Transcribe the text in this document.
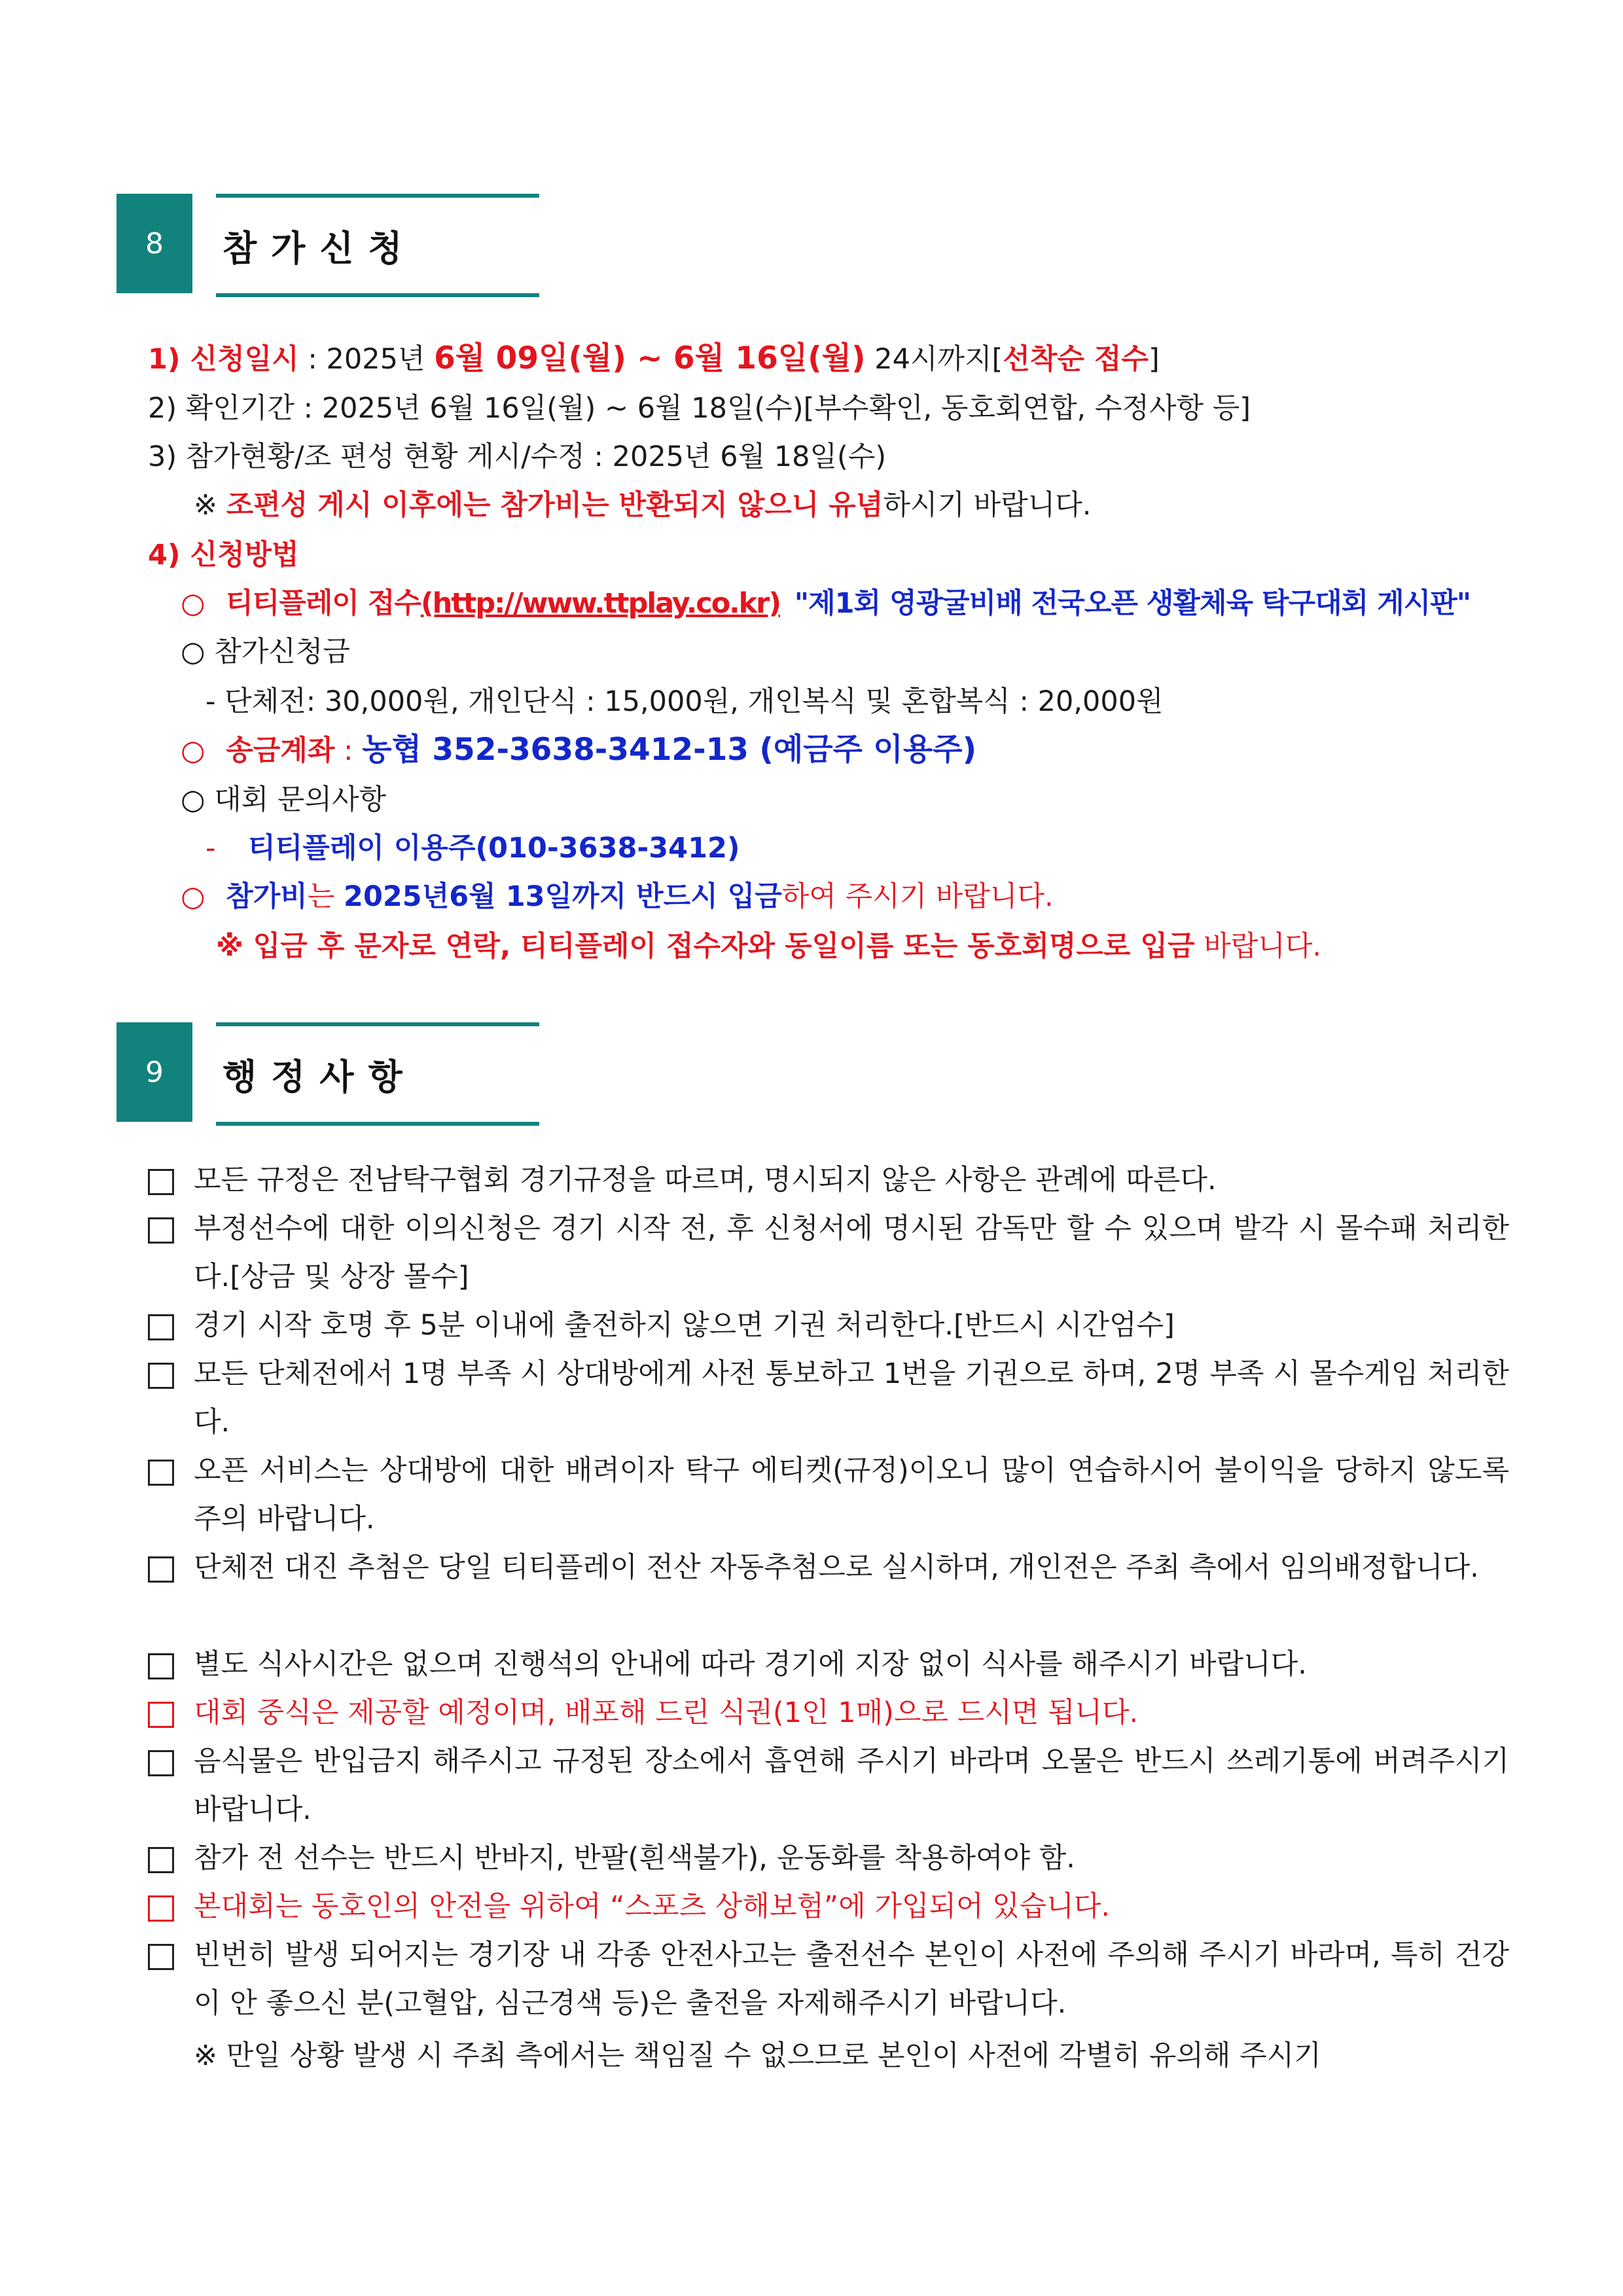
8	참가신청
1) 신청일시 : 2025년 6월 09일(월) ~ 6월 16일(월) 24시까지[선착순 접수]
2) 확인기간 : 2025년 6월 16일(월) ~ 6월 18일(수)[부수확인, 동호회연합, 수정사항 등]
3) 참가현황/조 편성 현황 게시/수정 : 2025년 6월 18일(수)
※ 조편성 게시 이후에는 참가비는 반환되지 않으니 유념하시기 바랍니다.
4) 신청방법
○ 티티플레이 접수(http://www.ttplay.co.kr) "제1회 영광굴비배 전국오픈 생활체육 탁구대회 게시판"
○ 참가신청금
- 단체전: 30,000원, 개인단식 : 15,000원, 개인복식 및 혼합복식 : 20,000원
○ 송금계좌 : 농협 352-3638-3412-13 (예금주 이용주)
○ 대회 문의사항
- 티티플레이 이용주(010-3638-3412)
○ 참가비는 2025년6월 13일까지 반드시 입금하여 주시기 바랍니다.
※ 입금 후 문자로 연락, 티티플레이 접수자와 동일이름 또는 동호회명으로 입금 바랍니다.
9	행정사항
모든 규정은 전남탁구협회 경기규정을 따르며, 명시되지 않은 사항은 관례에 따른다.
부정선수에 대한 이의신청은 경기 시작 전, 후 신청서에 명시된 감독만 할 수 있으며 발각 시 몰수패 처리한다.[상금 및 상장 몰수]
경기 시작 호명 후 5분 이내에 출전하지 않으면 기권 처리한다.[반드시 시간엄수]
모든 단체전에서 1명 부족 시 상대방에게 사전 통보하고 1번을 기권으로 하며, 2명 부족 시 몰수게임 처리한다.
오픈 서비스는 상대방에 대한 배려이자 탁구 에티켓(규정)이오니 많이 연습하시어 불이익을 당하지 않도록 주의 바랍니다.
단체전 대진 추첨은 당일 티티플레이 전산 자동추첨으로 실시하며, 개인전은 주최 측에서 임의배정합니다.
별도 식사시간은 없으며 진행석의 안내에 따라 경기에 지장 없이 식사를 해주시기 바랍니다.
대회 중식은 제공할 예정이며, 배포해 드린 식권(1인 1매)으로 드시면 됩니다.
음식물은 반입금지 해주시고 규정된 장소에서 흡연해 주시기 바라며 오물은 반드시 쓰레기통에 버려주시기 바랍니다.
참가 전 선수는 반드시 반바지, 반팔(흰색불가), 운동화를 착용하여야 함.
본대회는 동호인의 안전을 위하여 “스포츠 상해보험”에 가입되어 있습니다.
빈번히 발생 되어지는 경기장 내 각종 안전사고는 출전선수 본인이 사전에 주의해 주시기 바라며, 특히 건강이 안 좋으신 분(고혈압, 심근경색 등)은 출전을 자제해주시기 바랍니다.
※ 만일 상황 발생 시 주최 측에서는 책임질 수 없으므로 본인이 사전에 각별히 유의해 주시기
